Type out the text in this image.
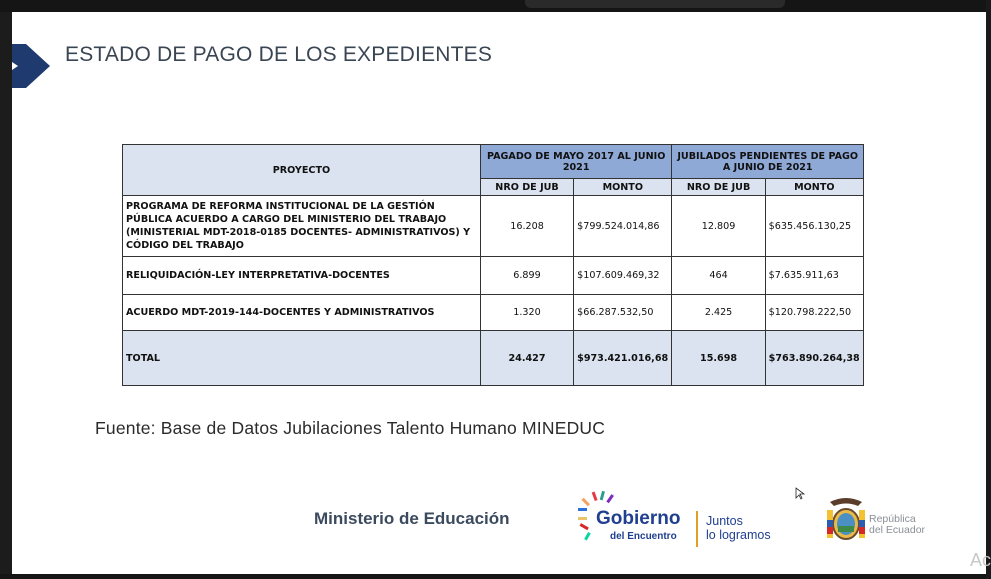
ESTADO DE PAGO DE LOS EXPEDIENTES
PROYECTO	PAGADO DE MAYO 2017 AL JUNIO 2021		JUBILADOS PENDIENTES DE PAGO A JUNIO DE 2021	
	NRO DE JUB	MONTO	NRO DE JUB	MONTO
PROGRAMA DE REFORMA INSTITUCIONAL DE LA GESTIÓN PÚBLICA ACUERDO A CARGO DEL MINISTERIO DEL TRABAJO (MINISTERIAL MDT-2018-0185 DOCENTES- ADMINISTRATIVOS) Y CÓDIGO DEL TRABAJO	16.208	$799.524.014,86	12.809	$635.456.130,25
RELIQUIDACIÓN-LEY INTERPRETATIVA-DOCENTES	6.899	$107.609.469,32	464	$7.635.911,63
ACUERDO MDT-2019-144-DOCENTES Y ADMINISTRATIVOS	1.320	$66.287.532,50	2.425	$120.798.222,50
TOTAL	24.427	$973.421.016,68	15.698	$763.890.264,38
Fuente: Base de Datos Jubilaciones Talento Humano MINEDUC
Ministerio de Educación	Gobierno
del Encuentro
Juntos
lo logramos
República
del Ecuador
Ac
